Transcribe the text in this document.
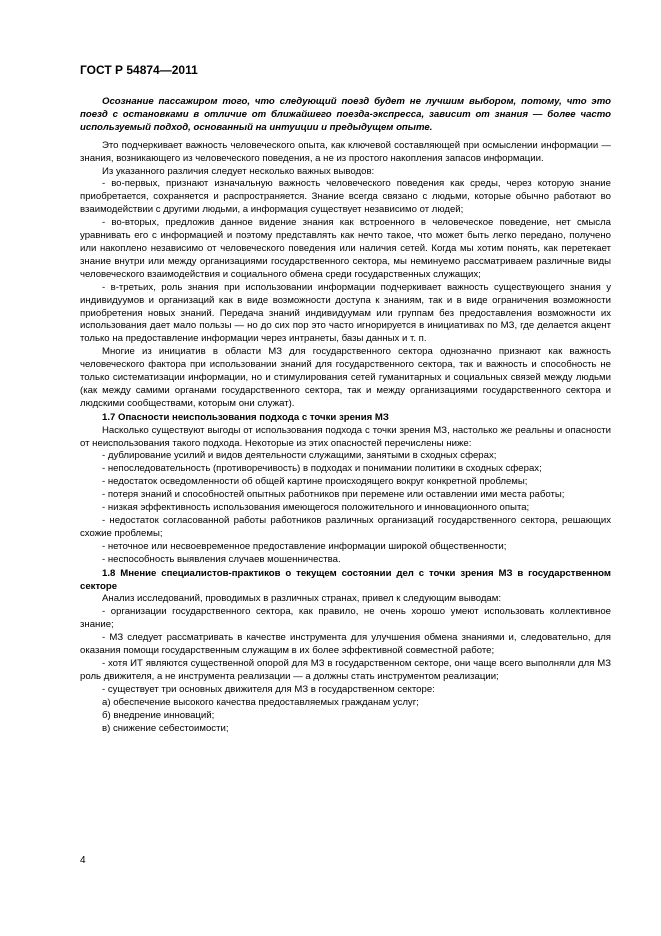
ГОСТ Р 54874—2011

Осознание пассажиром того, что следующий поезд будет не лучшим выбором, потому, что это поезд с остановками в отличие от ближайшего поезда-экспресса, зависит от знания — более часто используемый подход, основанный на интуиции и предыдущем опыте.

Это подчеркивает важность человеческого опыта, как ключевой составляющей при осмыслении информации — знания, возникающего из человеческого поведения, а не из простого накопления запасов информации.

Из указанного различия следует несколько важных выводов:

- во-первых, признают изначальную важность человеческого поведения как среды, через которую знание приобретается, сохраняется и распространяется. Знание всегда связано с людьми, которые обычно работают во взаимодействии с другими людьми, а информация существует независимо от людей;

- во-вторых, предложив данное видение знания как встроенного в человеческое поведение, нет смысла уравнивать его с информацией и поэтому представлять как нечто такое, что может быть легко передано, получено или накоплено независимо от человеческого поведения или наличия сетей. Когда мы хотим понять, как перетекает знание внутри или между организациями государственного сектора, мы неминуемо рассматриваем различные виды человеческого взаимодействия и социального обмена среди государственных служащих;

- в-третьих, роль знания при использовании информации подчеркивает важность существующего знания у индивидуумов и организаций как в виде возможности доступа к знаниям, так и в виде ограничения возможности приобретения новых знаний. Передача знаний индивидуумам или группам без предоставления возможности их использования дает мало пользы — но до сих пор это часто игнорируется в инициативах по МЗ, где делается акцент только на предоставление информации через интранеты, базы данных и т. п.

Многие из инициатив в области МЗ для государственного сектора однозначно признают как важность человеческого фактора при использовании знаний для государственного сектора, так и важность и способность не только систематизации информации, но и стимулирования сетей гуманитарных и социальных связей между людьми (как между самими органами государственного сектора, так и между организациями государственного сектора и людскими сообществами, которым они служат).

1.7 Опасности неиспользования подхода с точки зрения МЗ

Насколько существуют выгоды от использования подхода с точки зрения МЗ, настолько же реальны и опасности от неиспользования такого подхода. Некоторые из этих опасностей перечислены ниже:

- дублирование усилий и видов деятельности служащими, занятыми в сходных сферах;

- непоследовательность (противоречивость) в подходах и понимании политики в сходных сферах;

- недостаток осведомленности об общей картине происходящего вокруг конкретной проблемы;

- потеря знаний и способностей опытных работников при перемене или оставлении ими места работы;

- низкая эффективность использования имеющегося положительного и инновационного опыта;

- недостаток согласованной работы работников различных организаций государственного сектора, решающих схожие проблемы;

- неточное или несвоевременное предоставление информации широкой общественности;

- неспособность выявления случаев мошенничества.

1.8 Мнение специалистов-практиков о текущем состоянии дел с точки зрения МЗ в государственном секторе

Анализ исследований, проводимых в различных странах, привел к следующим выводам:

- организации государственного сектора, как правило, не очень хорошо умеют использовать коллективное знание;

- МЗ следует рассматривать в качестве инструмента для улучшения обмена знаниями и, следовательно, для оказания помощи государственным служащим в их более эффективной совместной работе;

- хотя ИТ являются существенной опорой для МЗ в государственном секторе, они чаще всего выполняли для МЗ роль движителя, а не инструмента реализации — а должны стать инструментом реализации;

- существует три основных движителя для МЗ в государственном секторе:

а) обеспечение высокого качества предоставляемых гражданам услуг;

б) внедрение инноваций;

в) снижение себестоимости;

4
